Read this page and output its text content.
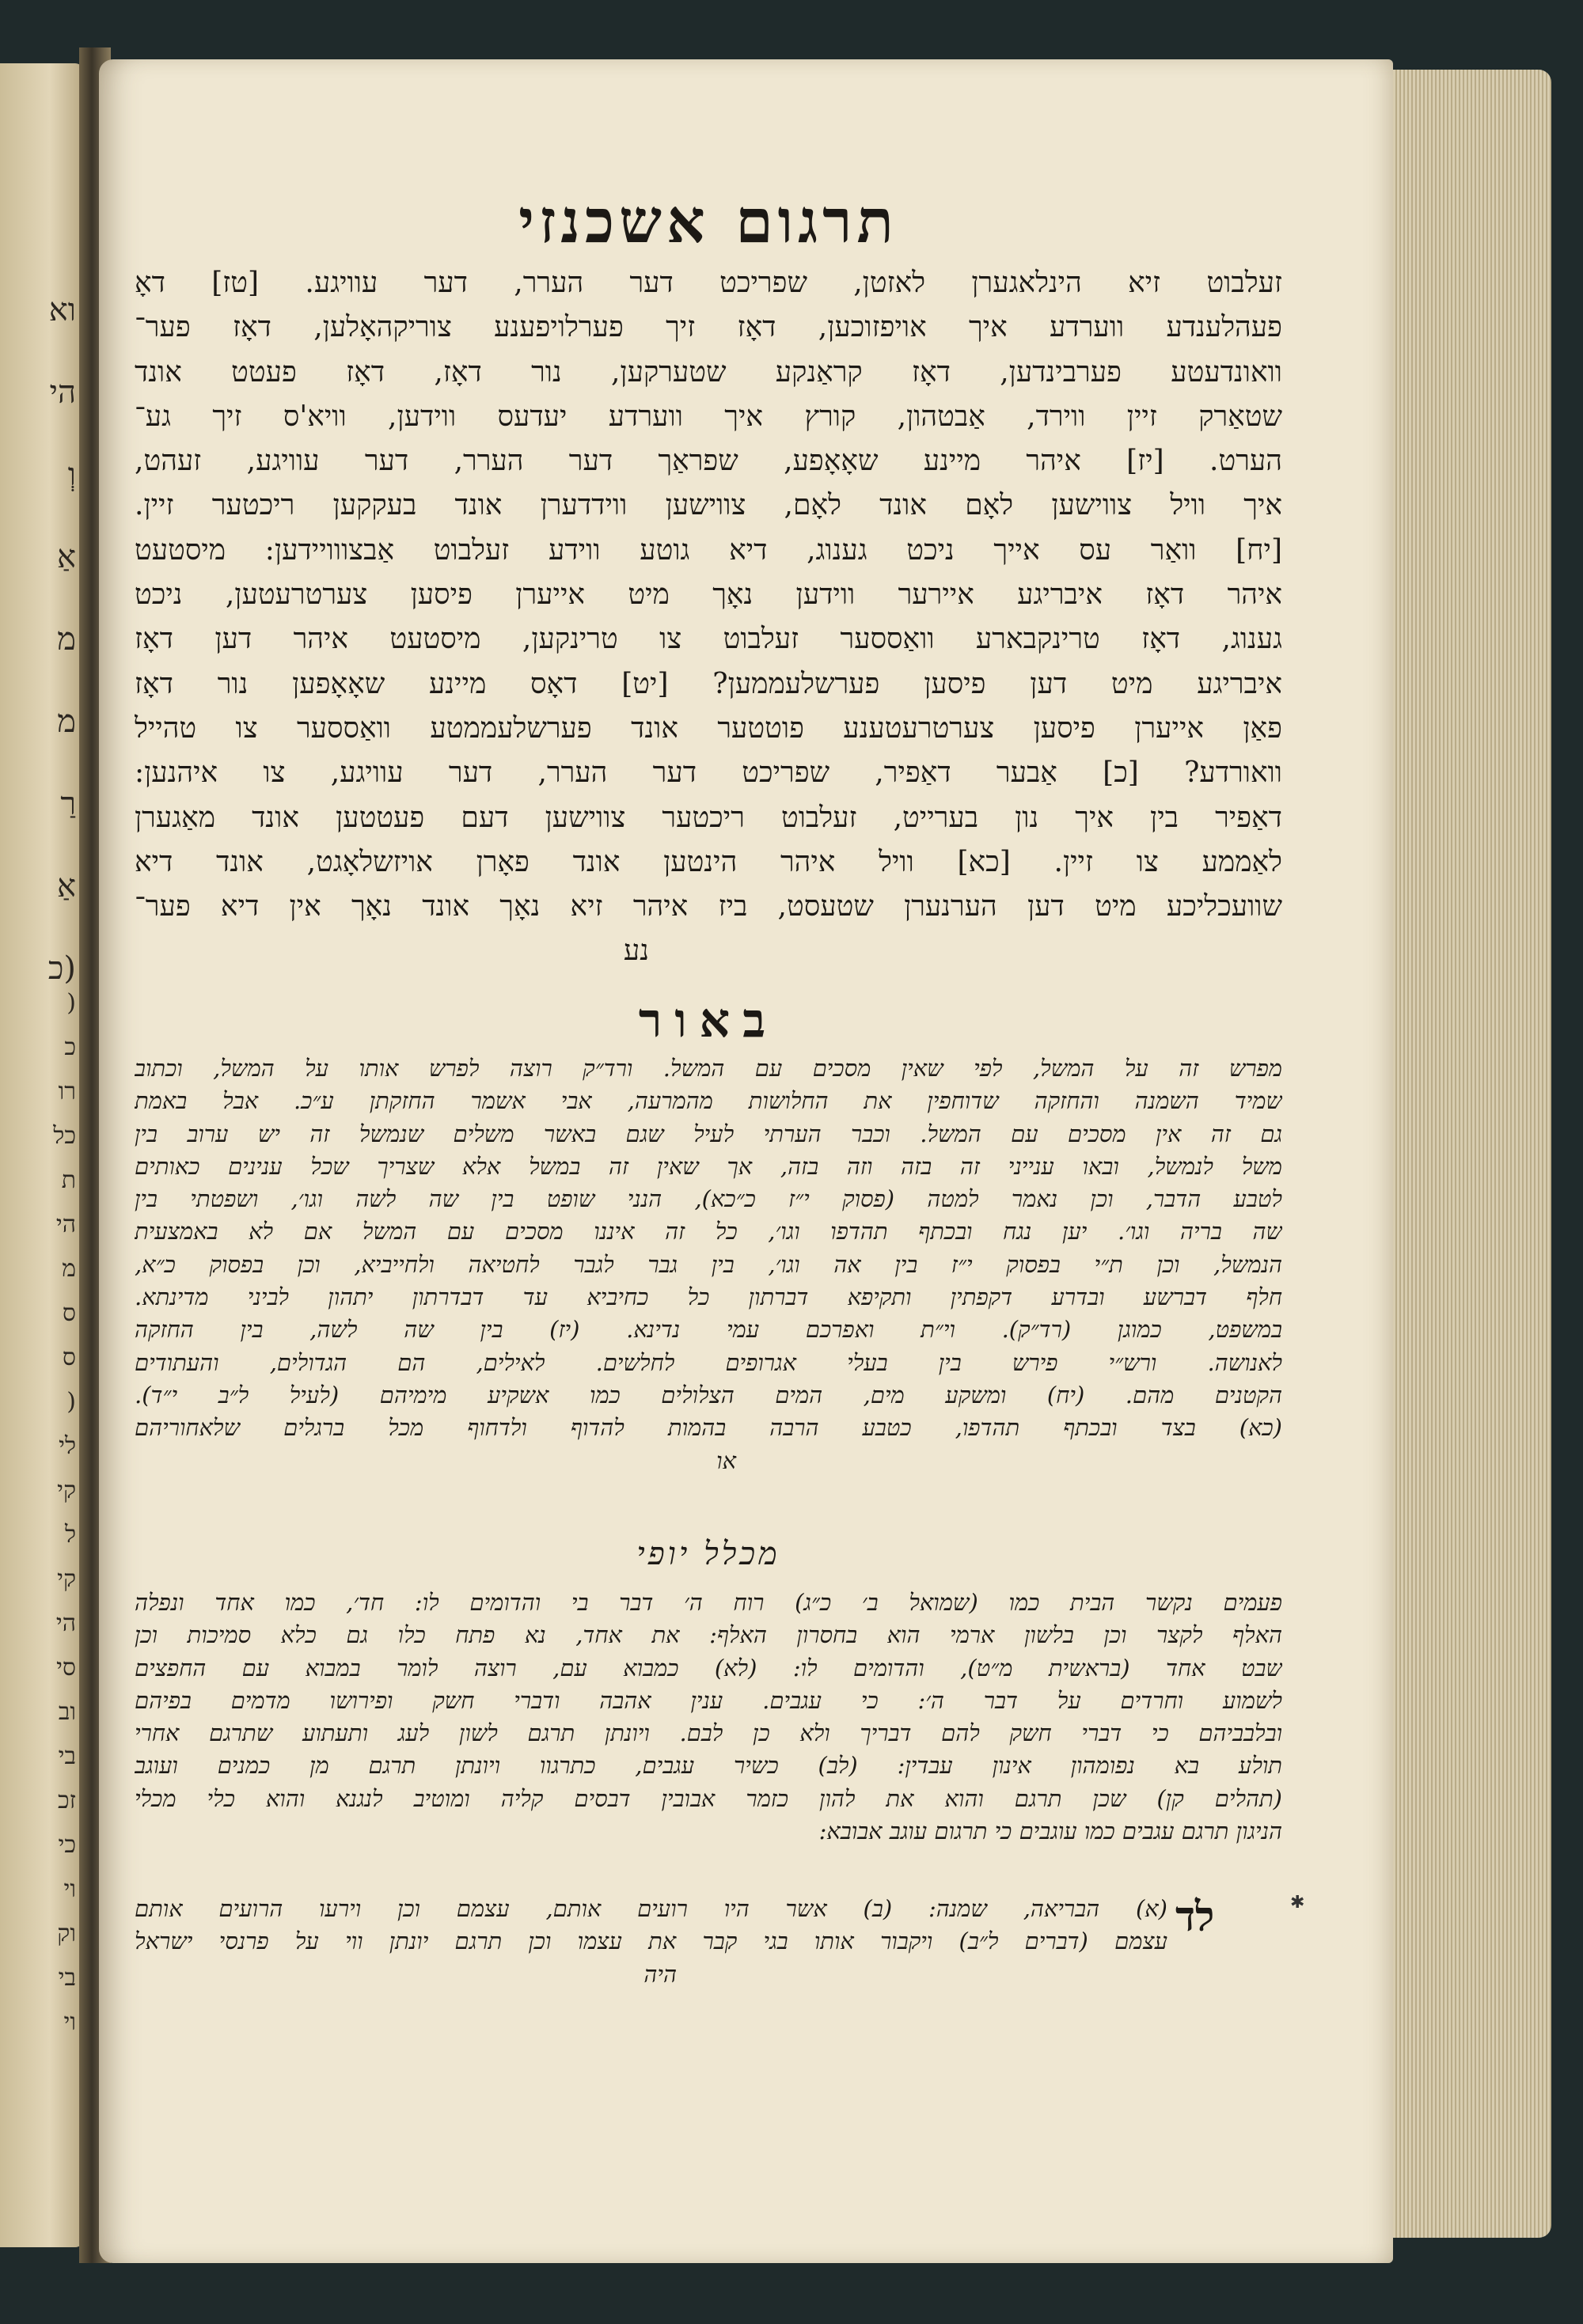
וא
הי
וְ
אַ
מ
מ
רַ
אַ
(כ
(
כ
רו
כל
ת
הי
מ
ס
ס
(
לי
קי
ל
קי
הי
סי
וב
בי
זכ
כי
וי
וק
בי
וי
תרגום אשכנזי
זעלבוט זיא הינלאגערן לאזטן, שפריכט דער הערר, דער עוויגע. [טז] דאָ
פעהלענדע ווערדע איך אויפזוכען, דאָז זיך פערלויפענע צוריקהאָלען, דאָז פער־
וואונדעטע פערבינדען, דאָז קראַנקע שטערקען, נור דאָז, דאָז פעטט אונד
שטאַרק זיין ווירד, אַבטהון, קורץ איך ווערדע יעדעס ווידען, וויא'ס זיך גע־
הערט. [יז] איהר מיינע שאָאָפע, שפראַך דער הערר, דער עוויגע, זעהט,
איך וויל צווישען לאָם אונד לאָם, צווישען ווידדערן אונד בעקקען ריכטער זיין.
[יח] וואַר עס אייך ניכט גענוג, דיא גוטע ווידע זעלבוט אַבצווויידען: מיסטעט
איהר דאָז איבריגע איירער ווידען נאָך מיט אייערן פיסען צערטרעטען, ניכט
גענוג, דאָז טרינקבארע וואַססער זעלבוט צו טרינקען, מיסטעט איהר דען דאָז
איבריגע מיט דען פיסען פערשלעממען? [יט] דאָס מיינע שאָאָפען נור דאָז
פאַן אייערן פיסען צערטרעטענע פוטטער אונד פערשלעממטע וואַססער צו טהייל
וואורדע? [כ] אַבער דאַפיר, שפריכט דער הערר, דער עוויגע, צו איהנען:
דאַפיר בין איך נון בערייט, זעלבוט ריכטער צווישען דעם פעטטען אונד מאַגערן
לאַממע צו זיין. [כא] וויל איהר הינטען אונד פאָרן אויזשלאָגט, אונד דיא
שוועכליכע מיט דען הערנערן שטעסט, ביז איהר זיא נאָך אונד נאָך אין דיא פער־
נע
באור
מפרש זה על המשל, לפי שאין מסכים עם המשל. ורד״ק רוצה לפרש אותו על המשל, וכתוב
שמיד השמנה והחזקה שדוחפין את החלושות מהמרעה, אבי אשמר החזקתן ע״כ. אבל באמת
גם זה אין מסכים עם המשל. וכבר הערתי לעיל שגם באשר משלים שנמשל זה יש ערוב בין
משל לנמשל, ובאו ענייני זה בזה וזה בזה, אך שאין זה במשל אלא שצריך שכל ענינים כאותים
לטבע הדבר, וכן נאמר למטה (פסוק י״ז כ״כא), הנני שופט בין שה לשה וגו׳, ושפטתי בין
שה בריה וגו׳. יען נגח ובכתף תהדפו וגו׳, כל זה איננו מסכים עם המשל אם לא באמצעית
הנמשל, וכן ת״י בפסוק י״ז בין אה וגו׳, בין גבר לגבר לחטיאה ולחייביא, וכן בפסוק כ״א,
חלף דברשע ובדרע דקפתין ותקיפא דברתון כל כחיביא עד דבדרתון יתהון לביני מדינתא.
במשפט, כמוגן (רד״ק). וי״ת ואפרכם עמי נדינא. (יז) בין שה לשה, בין החזקה
לאנושה. ורש״י פירש בין בעלי אגרופים לחלשים. לאילים, הם הגדולים, והעתודים
הקטנים מהם. (יח) ומשקע מים, המים הצלולים כמו אשקיע מימיהם (לעיל ל״ב י״ד).
(כא) בצד ובכתף תהדפו, כטבע הרבה בהמות להדוף ולדחוף מכל ברגלים שלאחוריהם
או
מכלל יופי
פעמים נקשר הבית כמו (שמואל ב׳ כ״ג) רוח ה׳ דבר בי והדומים לו: חד׳, כמו אחד ונפלה
האלף לקצר וכן בלשון ארמי הוא בחסרון האלף: את אחד, נא פתח כלו גם כלא סמיכות וכן
שבט אחד (בראשית מ״ט), והדומים לו: (לא) כמבוא עם, רוצה לומר במבוא עם החפצים
לשמוע וחרדים על דבר ה׳: כי עגבים. ענין אהבה ודברי חשק ופירושו מדמים בפיהם
ובלבביהם כי דברי חשק להם דבריך ולא כן לבם. ויונתן תרגם לשון לעג ותעתוע שתרגם אחרי
תולע בא נפומהון אינון עבדין: (לב) כשיר עגבים, כתרגוו ויונתן תרגם מן כמנים ועוגב
(תהלים קן) שכן תרגם והוא את להון כזמר אבובין דבסים קליה ומוטיב לנגנא והוא כלי מכלי
הניגון תרגם עגבים כמו עוגבים כי תרגום עוגב אבובא:
✱
לד
(א) הבריאה, שמנה: (ב) אשר היו רועים אותם, עצמם וכן וירעו הרועים אותם
עצמם (דברים ל״ב) ויקבור אותו בגי קבר את עצמו וכן תרגם יונתן ווי על פרנסי ישראל
היה
